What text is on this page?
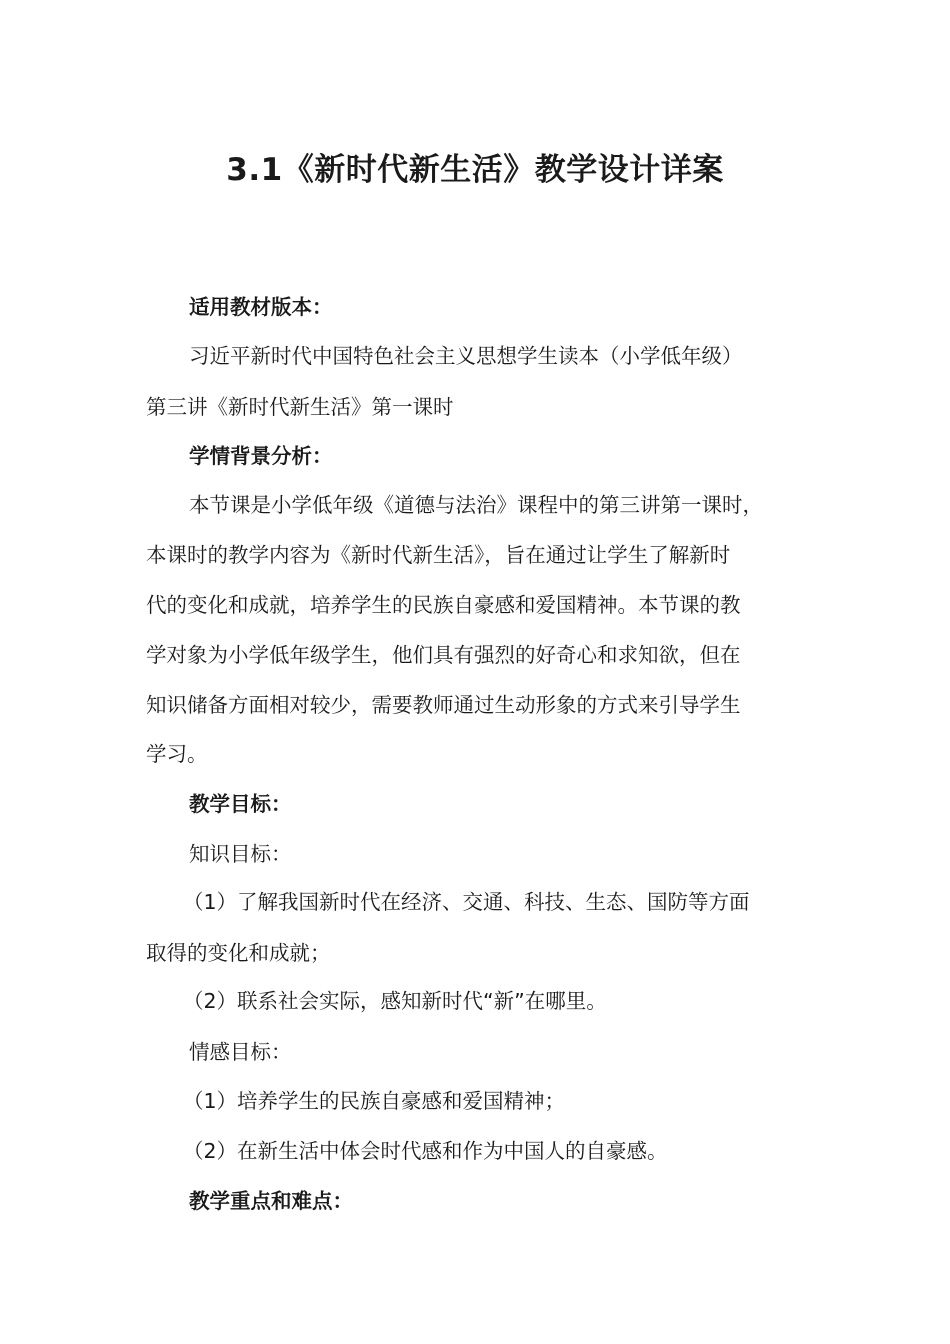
3.1《新时代新生活》教学设计详案

适用教材版本：

习近平新时代中国特色社会主义思想学生读本（小学低年级）

第三讲《新时代新生活》第一课时

学情背景分析：

本节课是小学低年级《道德与法治》课程中的第三讲第一课时，

本课时的教学内容为《新时代新生活》，旨在通过让学生了解新时

代的变化和成就，培养学生的民族自豪感和爱国精神。本节课的教

学对象为小学低年级学生，他们具有强烈的好奇心和求知欲，但在

知识储备方面相对较少，需要教师通过生动形象的方式来引导学生

学习。

教学目标：

知识目标：

（1）了解我国新时代在经济、交通、科技、生态、国防等方面

取得的变化和成就；

（2）联系社会实际，感知新时代“新”在哪里。

情感目标：

（1）培养学生的民族自豪感和爱国精神；

（2）在新生活中体会时代感和作为中国人的自豪感。

教学重点和难点：
